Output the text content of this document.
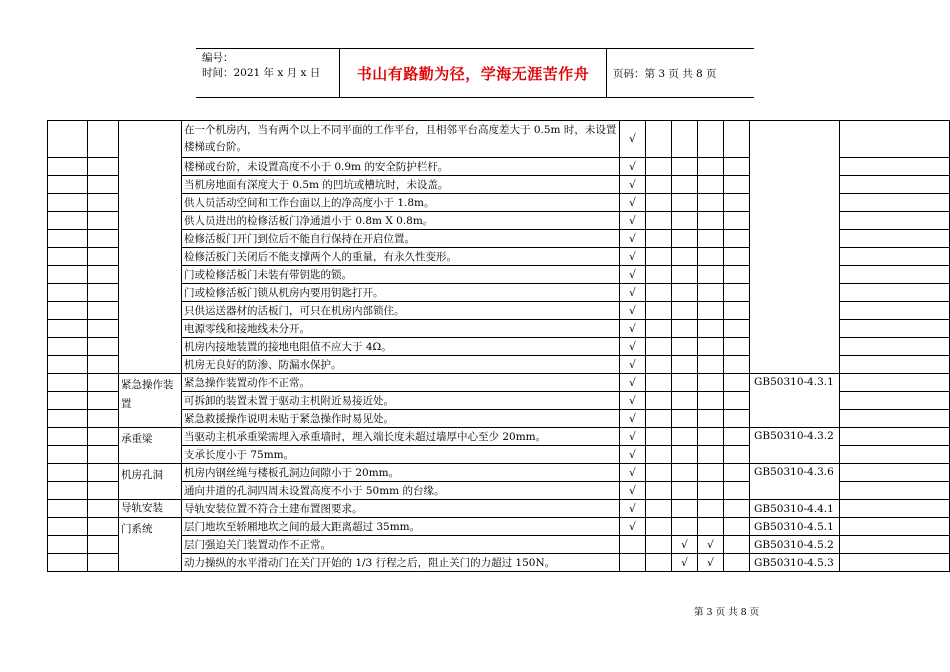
编号：
时间：2021 年 x 月 x 日	书山有路勤为径，学海无涯苦作舟	页码：第 3 页 共 8 页
			在一个机房内，当有两个以上不同平面的工作平台，且相邻平台高度差大于 0.5m 时，未设置楼梯或台阶。	√						
			楼梯或台阶，未设置高度不小于 0.9m 的安全防护栏杆。	√						
			当机房地面有深度大于 0.5m 的凹坑或槽坑时，未设盖。	√						
			供人员活动空间和工作台面以上的净高度小于 1.8m。	√						
			供人员进出的检修活板门净通道小于 0.8m X 0.8m。	√						
			检修活板门开门到位后不能自行保持在开启位置。	√						
			检修活板门关闭后不能支撑两个人的重量，有永久性变形。	√						
			门或检修活板门未装有带钥匙的锁。	√						
			门或检修活板门锁从机房内要用钥匙打开。	√						
			只供运送器材的活板门，可只在机房内部锁住。	√						
			电源零线和接地线未分开。	√						
			机房内接地装置的接地电阻值不应大于 4Ω。	√						
			机房无良好的防渗、防漏水保护。	√						
		紧急操作装置	紧急操作装置动作不正常。	√					GB50310-4.3.1	
			可拆卸的装置未置于驱动主机附近易接近处。	√						
			紧急救援操作说明未贴于紧急操作时易见处。	√						
		承重梁	当驱动主机承重梁需埋入承重墙时，埋入端长度未超过墙厚中心至少 20mm。	√					GB50310-4.3.2	
			支承长度小于 75mm。	√						
		机房孔洞	机房内钢丝绳与楼板孔洞边间隙小于 20mm。	√					GB50310-4.3.6	
			通向井道的孔洞四周未设置高度不小于 50mm 的台缘。	√						
		导轨安装	导轨安装位置不符合土建布置图要求。	√					GB50310-4.4.1	
		门系统	层门地坎至轿厢地坎之间的最大距离超过 35mm。	√					GB50310-4.5.1	
			层门强迫关门装置动作不正常。			√	√		GB50310-4.5.2	
			动力操纵的水平滑动门在关门开始的 1/3 行程之后，阻止关门的力超过 150N。			√	√		GB50310-4.5.3	
第 3 页 共 8 页
